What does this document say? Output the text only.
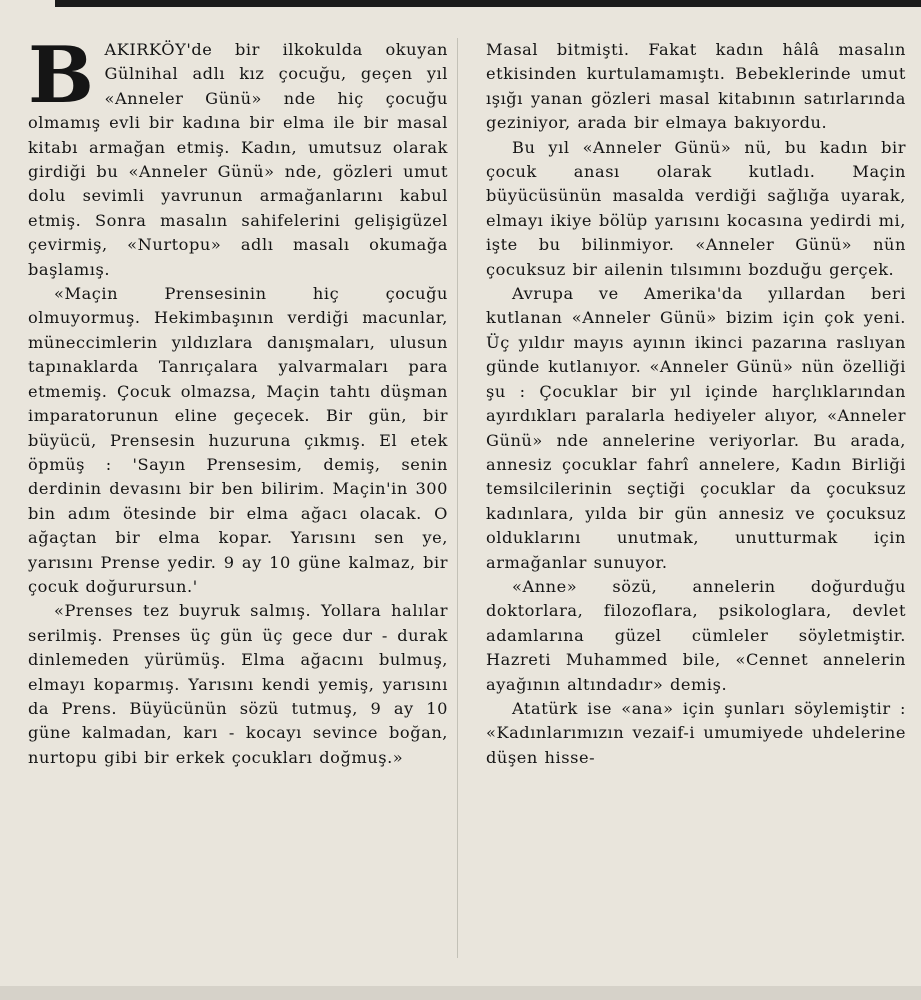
BAKIRKÖY'de bir ilkokulda okuyan Gülnihal adlı kız çocuğu, geçen yıl «Anneler Günü» nde hiç çocuğu olmamış evli bir kadına bir elma ile bir masal kitabı armağan etmiş. Kadın, umutsuz olarak girdiği bu «Anneler Günü» nde, gözleri umut dolu sevimli yavrunun armağanlarını kabul etmiş. Sonra masalın sahifelerini gelişigüzel çevirmiş, «Nurtopu» adlı masalı okumağa başlamış.

«Maçin Prensesinin hiç çocuğu olmuyormuş. Hekimbaşının verdiği macunlar, müneccimlerin yıldızlara danışmaları, ulusun tapınaklarda Tanrıçalara yalvarmaları para etmemiş. Çocuk olmazsa, Maçin tahtı düşman imparatorunun eline geçecek. Bir gün, bir büyücü, Prensesin huzuruna çıkmış. El etek öpmüş : 'Sayın Prensesim, demiş, senin derdinin devasını bir ben bilirim. Maçin'in 300 bin adım ötesinde bir elma ağacı olacak. O ağaçtan bir elma kopar. Yarısını sen ye, yarısını Prense yedir. 9 ay 10 güne kalmaz, bir çocuk doğurursun.'

«Prenses tez buyruk salmış. Yollara halılar serilmiş. Prenses üç gün üç gece dur - durak dinlemeden yürümüş. Elma ağacını bulmuş, elmayı koparmış. Yarısını kendi yemiş, yarısını da Prens. Büyücünün sözü tutmuş, 9 ay 10 güne kalmadan, karı - kocayı sevince boğan, nurtopu gibi bir erkek çocukları doğmuş.»

Masal bitmişti. Fakat kadın hâlâ masalın etkisinden kurtulamamıştı. Bebeklerinde umut ışığı yanan gözleri masal kitabının satırlarında geziniyor, arada bir elmaya bakıyordu.

Bu yıl «Anneler Günü» nü, bu kadın bir çocuk anası olarak kutladı. Maçin büyücüsünün masalda verdiği sağlığa uyarak, elmayı ikiye bölüp yarısını kocasına yedirdi mi, işte bu bilinmiyor. «Anneler Günü» nün çocuksuz bir ailenin tılsımını bozduğu gerçek.

Avrupa ve Amerika'da yıllardan beri kutlanan «Anneler Günü» bizim için çok yeni. Üç yıldır mayıs ayının ikinci pazarına raslıyan günde kutlanıyor. «Anneler Günü» nün özelliği şu : Çocuklar bir yıl içinde harçlıklarından ayırdıkları paralarla hediyeler alıyor, «Anneler Günü» nde annelerine veriyorlar. Bu arada, annesiz çocuklar fahrî annelere, Kadın Birliği temsilcilerinin seçtiği çocuklar da çocuksuz kadınlara, yılda bir gün annesiz ve çocuksuz olduklarını unutmak, unutturmak için armağanlar sunuyor.

«Anne» sözü, annelerin doğurduğu doktorlara, filozoflara, psikologlara, devlet adamlarına güzel cümleler söyletmiştir. Hazreti Muhammed bile, «Cennet annelerin ayağının altındadır» demiş.

Atatürk ise «ana» için şunları söylemiştir : «Kadınlarımızın vezaif-i umumiyede uhdelerine düşen hisse-
